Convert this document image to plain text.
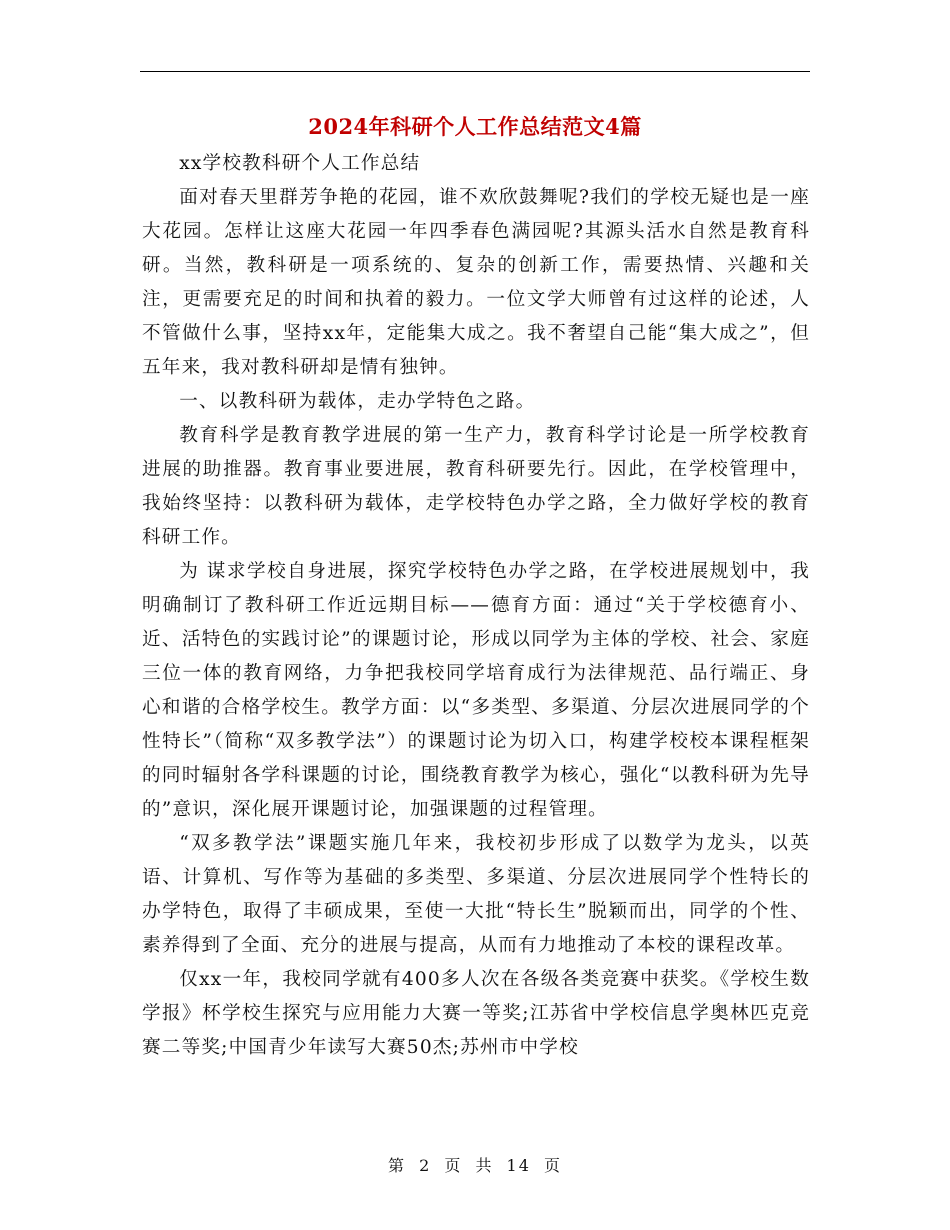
2024年科研个人工作总结范文4篇

xx学校教科研个人工作总结

面对春天里群芳争艳的花园，谁不欢欣鼓舞呢?我们的学校无疑也是一座大花园。怎样让这座大花园一年四季春色满园呢?其源头活水自然是教育科研。当然，教科研是一项系统的、复杂的创新工作，需要热情、兴趣和关注，更需要充足的时间和执着的毅力。一位文学大师曾有过这样的论述，人不管做什么事，坚持xx年，定能集大成之。我不奢望自己能“集大成之”，但五年来，我对教科研却是情有独钟。

一、以教科研为载体，走办学特色之路。

教育科学是教育教学进展的第一生产力，教育科学讨论是一所学校教育进展的助推器。教育事业要进展，教育科研要先行。因此，在学校管理中，我始终坚持：以教科研为载体，走学校特色办学之路，全力做好学校的教育科研工作。

为 谋求学校自身进展，探究学校特色办学之路，在学校进展规划中，我明确制订了教科研工作近远期目标——德育方面：通过“关于学校德育小、近、活特色的实践讨论”的课题讨论，形成以同学为主体的学校、社会、家庭三位一体的教育网络，力争把我校同学培育成行为法律规范、品行端正、身心和谐的合格学校生。教学方面：以“多类型、多渠道、分层次进展同学的个性特长”（简称“双多教学法”）的课题讨论为切入口，构建学校校本课程框架的同时辐射各学科课题的讨论，围绕教育教学为核心，强化“以教科研为先导的”意识，深化展开课题讨论，加强课题的过程管理。

“双多教学法”课题实施几年来，我校初步形成了以数学为龙头，以英语、计算机、写作等为基础的多类型、多渠道、分层次进展同学个性特长的办学特色，取得了丰硕成果，至使一大批“特长生”脱颖而出，同学的个性、素养得到了全面、充分的进展与提高，从而有力地推动了本校的课程改革。

仅xx一年，我校同学就有400多人次在各级各类竞赛中获奖。《学校生数学报》杯学校生探究与应用能力大赛一等奖;江苏省中学校信息学奥林匹克竞赛二等奖;中国青少年读写大赛50杰;苏州市中学校

第 2 页 共 14 页
